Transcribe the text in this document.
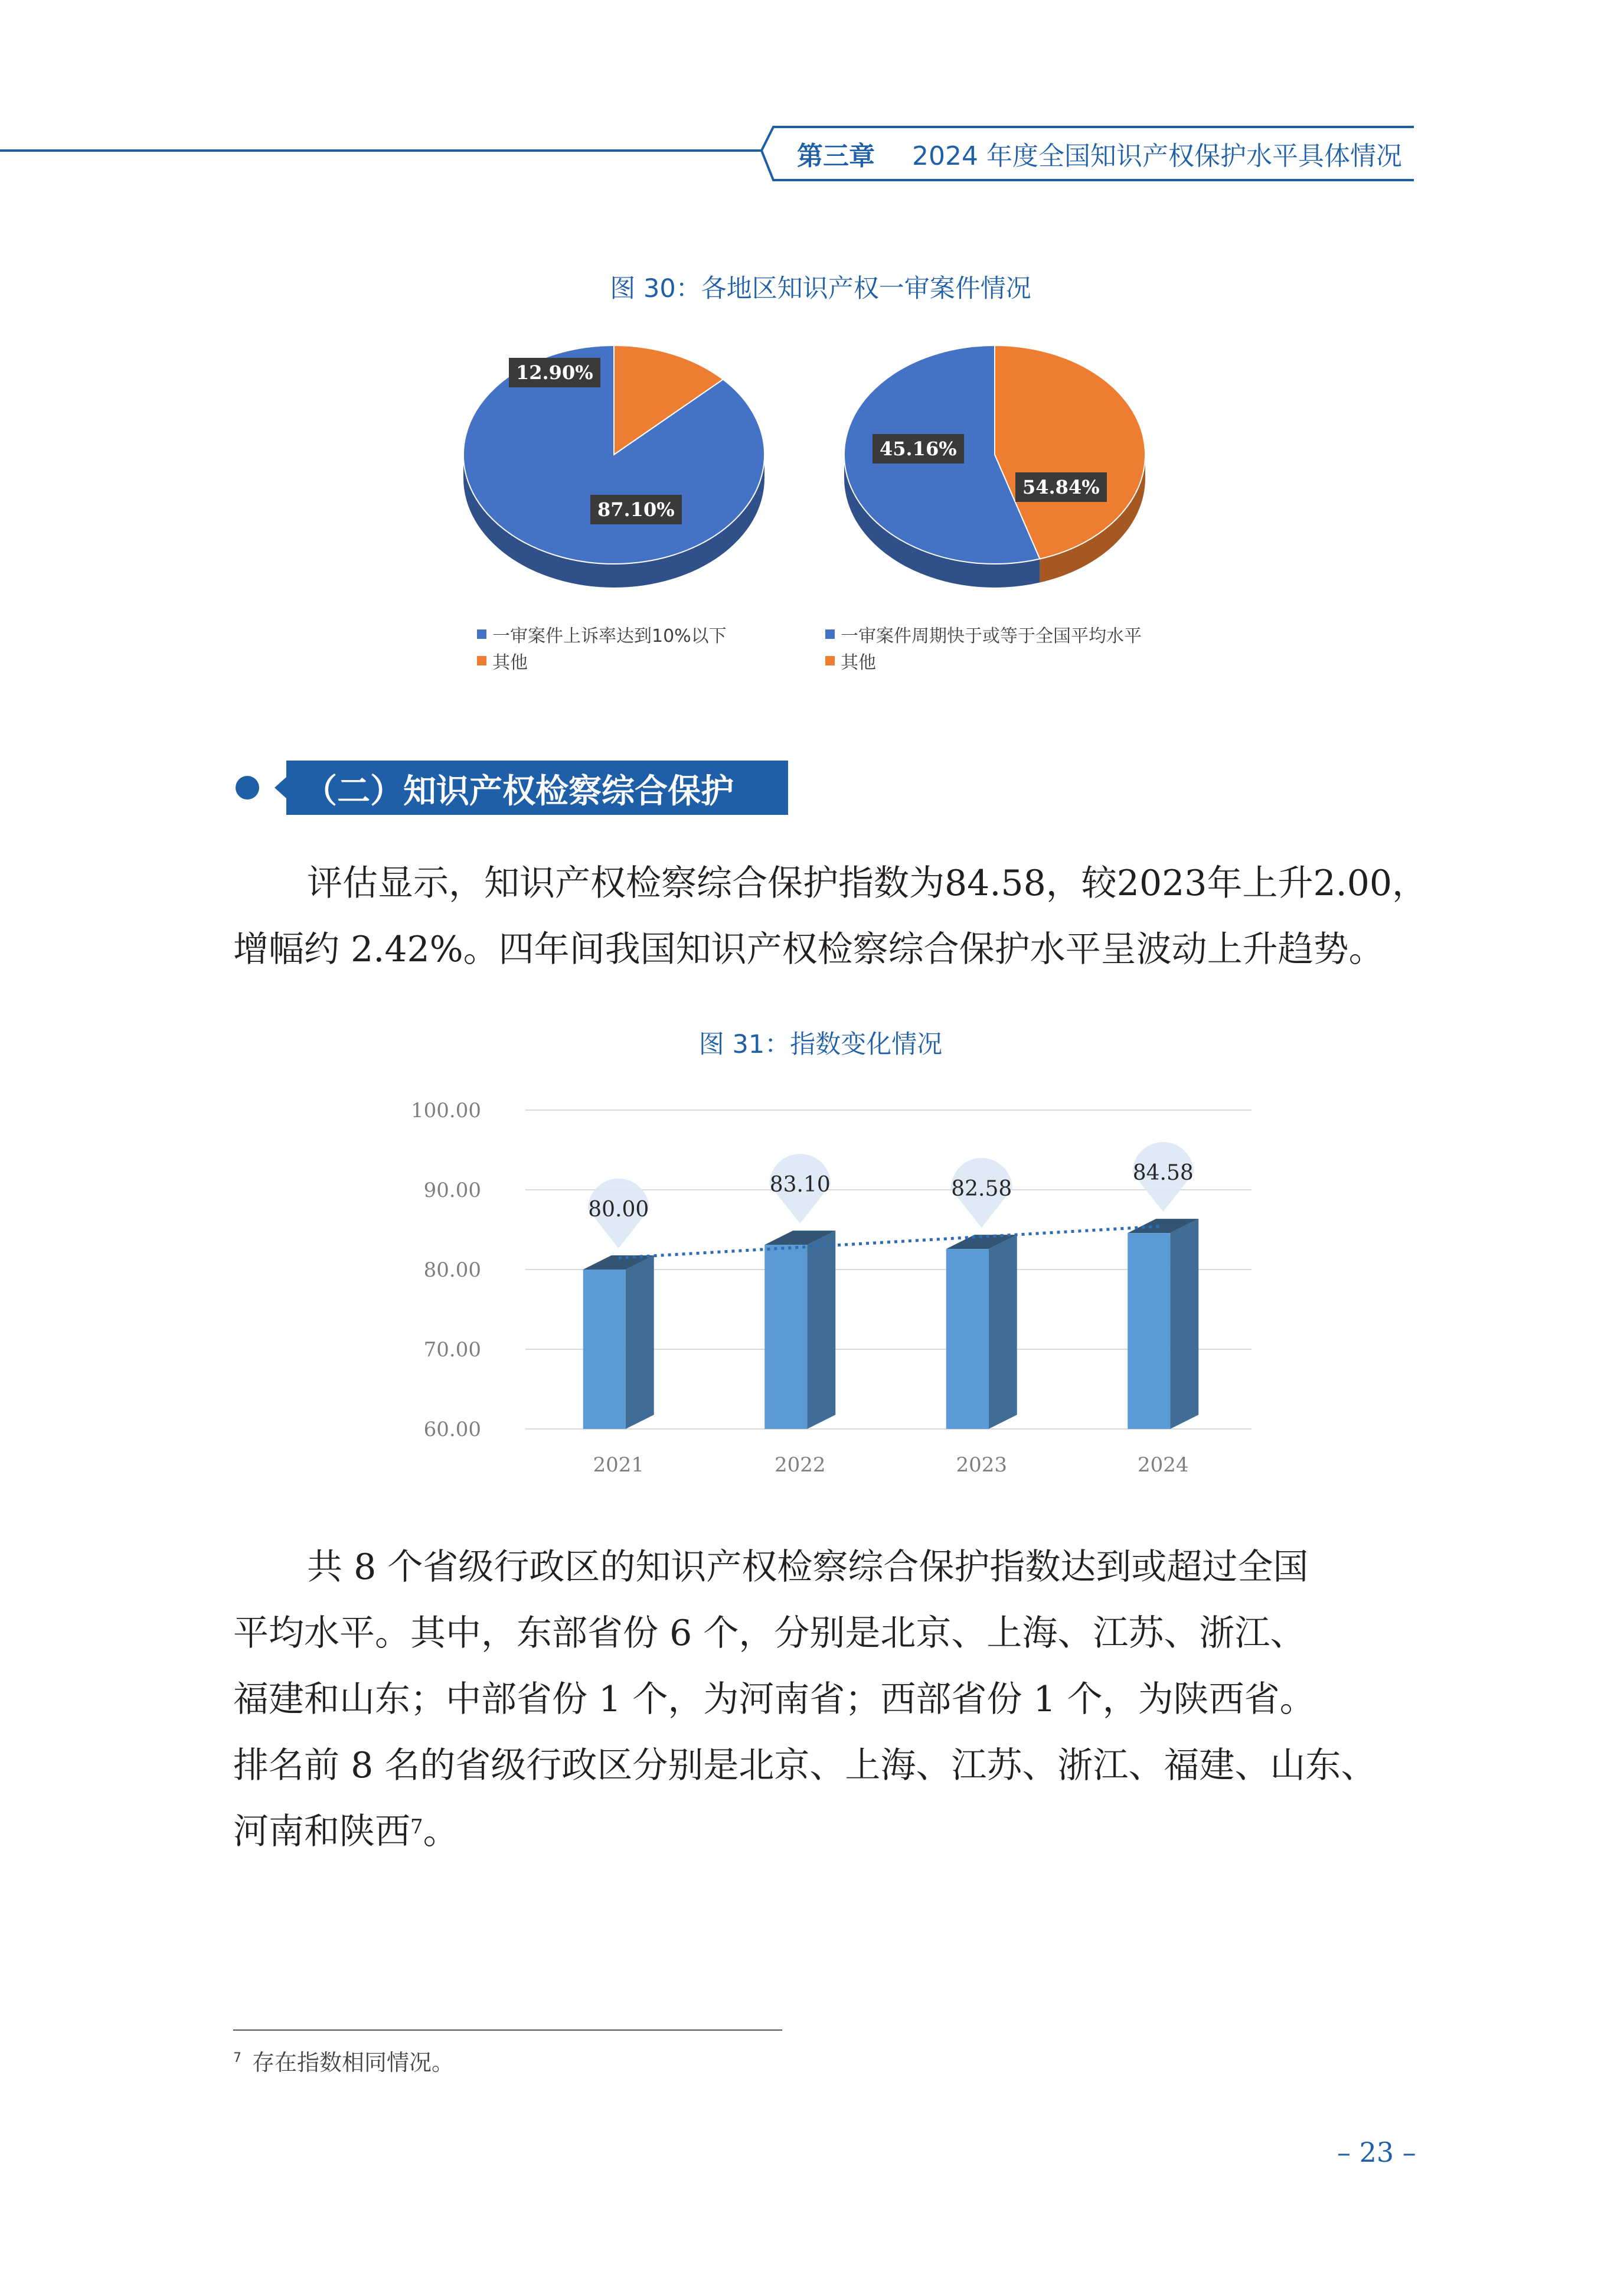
第三章 2024 年度全国知识产权保护水平具体情况
图 30：各地区知识产权一审案件情况
12.90%
87.10%
45.16%
54.84%
一审案件上诉率达到10%以下
其他
一审案件周期快于或等于全国平均水平
其他
（二）知识产权检察综合保护
评估显示，知识产权检察综合保护指数为84.58，较2023年上升2.00，
增幅约 2.42%。四年间我国知识产权检察综合保护水平呈波动上升趋势。
图 31：指数变化情况
100.00
90.00
80.00
70.00
60.00
80.00
83.10	82.58
84.58
2021	2022	2023	2024
共 8 个省级行政区的知识产权检察综合保护指数达到或超过全国
平均水平。其中，东部省份 6 个，分别是北京、上海、江苏、浙江、
福建和山东；中部省份 1 个，为河南省；西部省份 1 个，为陕西省。
排名前 8 名的省级行政区分别是北京、上海、江苏、浙江、福建、山东、
河南和陕西$^7$。
$^7$ 存在指数相同情况。
– 23 –
